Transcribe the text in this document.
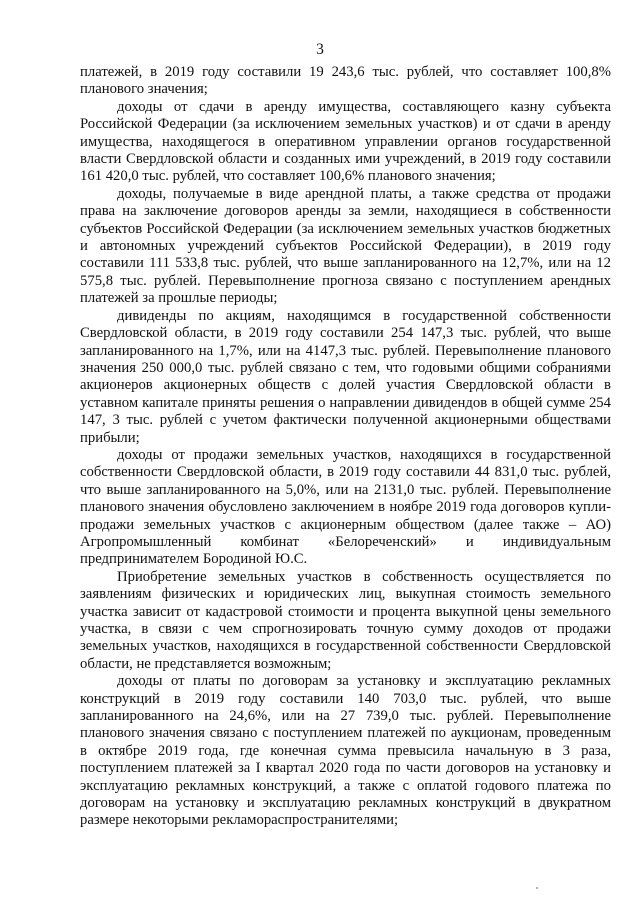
3

платежей, в 2019 году составили 19 243,6 тыс. рублей, что составляет 100,8% планового значения;

доходы от сдачи в аренду имущества, составляющего казну субъекта Российской Федерации (за исключением земельных участков) и от сдачи в аренду имущества, находящегося в оперативном управлении органов государственной власти Свердловской области и созданных ими учреждений, в 2019 году составили 161 420,0 тыс. рублей, что составляет 100,6% планового значения;

доходы, получаемые в виде арендной платы, а также средства от продажи права на заключение договоров аренды за земли, находящиеся в собственности субъектов Российской Федерации (за исключением земельных участков бюджетных и автономных учреждений субъектов Российской Федерации), в 2019 году составили 111 533,8 тыс. рублей, что выше запланированного на 12,7%, или на 12 575,8 тыс. рублей. Перевыполнение прогноза связано с поступлением арендных платежей за прошлые периоды;

дивиденды по акциям, находящимся в государственной собственности Свердловской области, в 2019 году составили 254 147,3 тыс. рублей, что выше запланированного на 1,7%, или на 4147,3 тыс. рублей. Перевыполнение планового значения 250 000,0 тыс. рублей связано с тем, что годовыми общими собраниями акционеров акционерных обществ с долей участия Свердловской области в уставном капитале приняты решения о направлении дивидендов в общей сумме 254 147, 3 тыс. рублей с учетом фактически полученной акционерными обществами прибыли;

доходы от продажи земельных участков, находящихся в государственной собственности Свердловской области, в 2019 году составили 44 831,0 тыс. рублей, что выше запланированного на 5,0%, или на 2131,0 тыс. рублей. Перевыполнение планового значения обусловлено заключением в ноябре 2019 года договоров купли-продажи земельных участков с акционерным обществом (далее также – АО) Агропромышленный комбинат «Белореченский» и индивидуальным предпринимателем Бородиной Ю.С.

Приобретение земельных участков в собственность осуществляется по заявлениям физических и юридических лиц, выкупная стоимость земельного участка зависит от кадастровой стоимости и процента выкупной цены земельного участка, в связи с чем спрогнозировать точную сумму доходов от продажи земельных участков, находящихся в государственной собственности Свердловской области, не представляется возможным;

доходы от платы по договорам за установку и эксплуатацию рекламных конструкций в 2019 году составили 140 703,0 тыс. рублей, что выше запланированного на 24,6%, или на 27 739,0 тыс. рублей. Перевыполнение планового значения связано с поступлением платежей по аукционам, проведенным в октябре 2019 года, где конечная сумма превысила начальную в 3 раза, поступлением платежей за I квартал 2020 года по части договоров на установку и эксплуатацию рекламных конструкций, а также с оплатой годового платежа по договорам на установку и эксплуатацию рекламных конструкций в двукратном размере некоторыми рекламораспространителями;
